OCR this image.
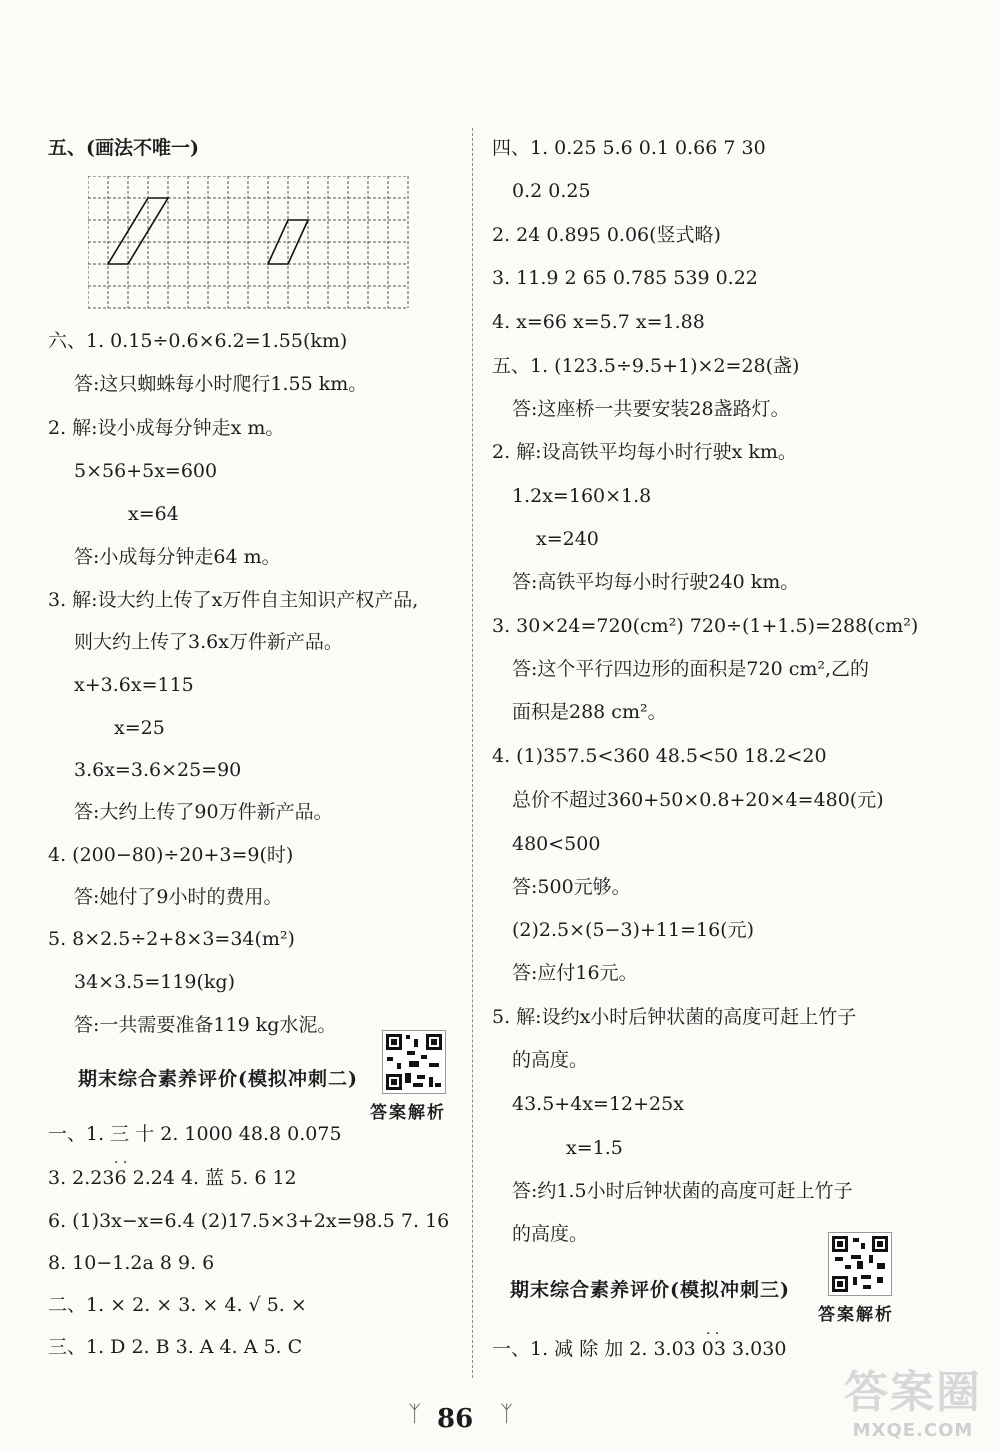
五、(画法不唯一)
六、1. 0.15÷0.6×6.2=1.55(km)
答:这只蜘蛛每小时爬行1.55 km。
2. 解:设小成每分钟走x m。
5×56+5x=600
x=64
答:小成每分钟走64 m。
3. 解:设大约上传了x万件自主知识产权产品,
则大约上传了3.6x万件新产品。
x+3.6x=115
x=25
3.6x=3.6×25=90
答:大约上传了90万件新产品。
4. (200−80)÷20+3=9(时)
答:她付了9小时的费用。
5. 8×2.5÷2+8×3=34(m²)
34×3.5=119(kg)
答:一共需要准备119 kg水泥。
期末综合素养评价(模拟冲刺二)
答案解析
一、1. 三 十 2. 1000 48.8 0.075
· ·
3. 2.236 2.24 4. 蓝 5. 6 12
6. (1)3x−x=6.4 (2)17.5×3+2x=98.5 7. 16
8. 10−1.2a 8 9. 6
二、1. × 2. × 3. × 4. √ 5. ×
三、1. D 2. B 3. A 4. A 5. C
四、1. 0.25 5.6 0.1 0.66 7 30
0.2 0.25
2. 24 0.895 0.06(竖式略)
3. 11.9 2 65 0.785 539 0.22
4. x=66 x=5.7 x=1.88
五、1. (123.5÷9.5+1)×2=28(盏)
答:这座桥一共要安装28盏路灯。
2. 解:设高铁平均每小时行驶x km。
1.2x=160×1.8
x=240
答:高铁平均每小时行驶240 km。
3. 30×24=720(cm²) 720÷(1+1.5)=288(cm²)
答:这个平行四边形的面积是720 cm²,乙的
面积是288 cm²。
4. (1)357.5<360 48.5<50 18.2<20
总价不超过360+50×0.8+20×4=480(元)
480<500
答:500元够。
(2)2.5×(5−3)+11=16(元)
答:应付16元。
5. 解:设约x小时后钟状菌的高度可赶上竹子
的高度。
43.5+4x=12+25x
x=1.5
答:约1.5小时后钟状菌的高度可赶上竹子
的高度。
期末综合素养评价(模拟冲刺三)
答案解析
· ·
一、1. 减 除 加 2. 3.03 03 3.030
ᛉ 86 ᛉ	答案圈
MXQE.COM
